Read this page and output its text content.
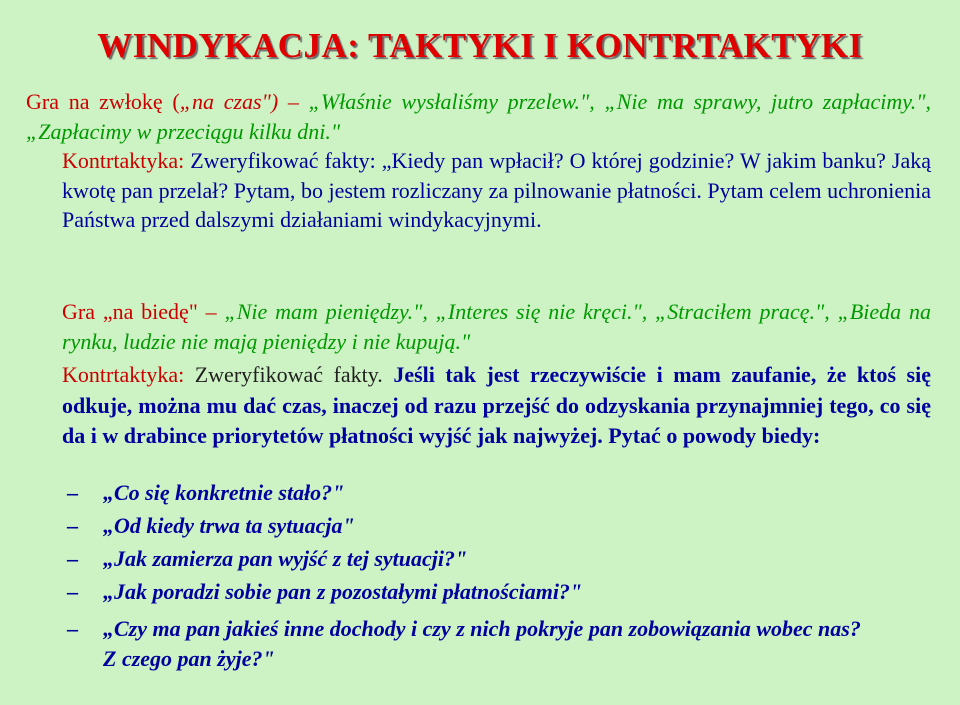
WINDYKACJA: TAKTYKI I KONTRTAKTYKI
Gra na zwłokę („na czas") – „Właśnie wysłaliśmy przelew.", „Nie ma sprawy, jutro zapłacimy.", „Zapłacimy w przeciągu kilku dni."
Kontrtaktyka: Zweryfikować fakty: „Kiedy pan wpłacił? O której godzinie? W jakim banku? Jaką kwotę pan przelał? Pytam, bo jestem rozliczany za pilnowanie płatności. Pytam celem uchronienia Państwa przed dalszymi działaniami windykacyjnymi.
Gra „na biedę" – „Nie mam pieniędzy.", „Interes się nie kręci.", „Straciłem pracę.", „Bieda na rynku, ludzie nie mają pieniędzy i nie kupują."
Kontrtaktyka: Zweryfikować fakty. Jeśli tak jest rzeczywiście i mam zaufanie, że ktoś się odkuje, można mu dać czas, inaczej od razu przejść do odzyskania przynajmniej tego, co się da i w drabince priorytetów płatności wyjść jak najwyżej. Pytać o powody biedy:
– „Co się konkretnie stało?"
– „Od kiedy trwa ta sytuacja"
– „Jak zamierza pan wyjść z tej sytuacji?"
– „Jak poradzi sobie pan z pozostałymi płatnościami?"
– „Czy ma pan jakieś inne dochody i czy z nich pokryje pan zobowiązania wobec nas?
Z czego pan żyje?"
